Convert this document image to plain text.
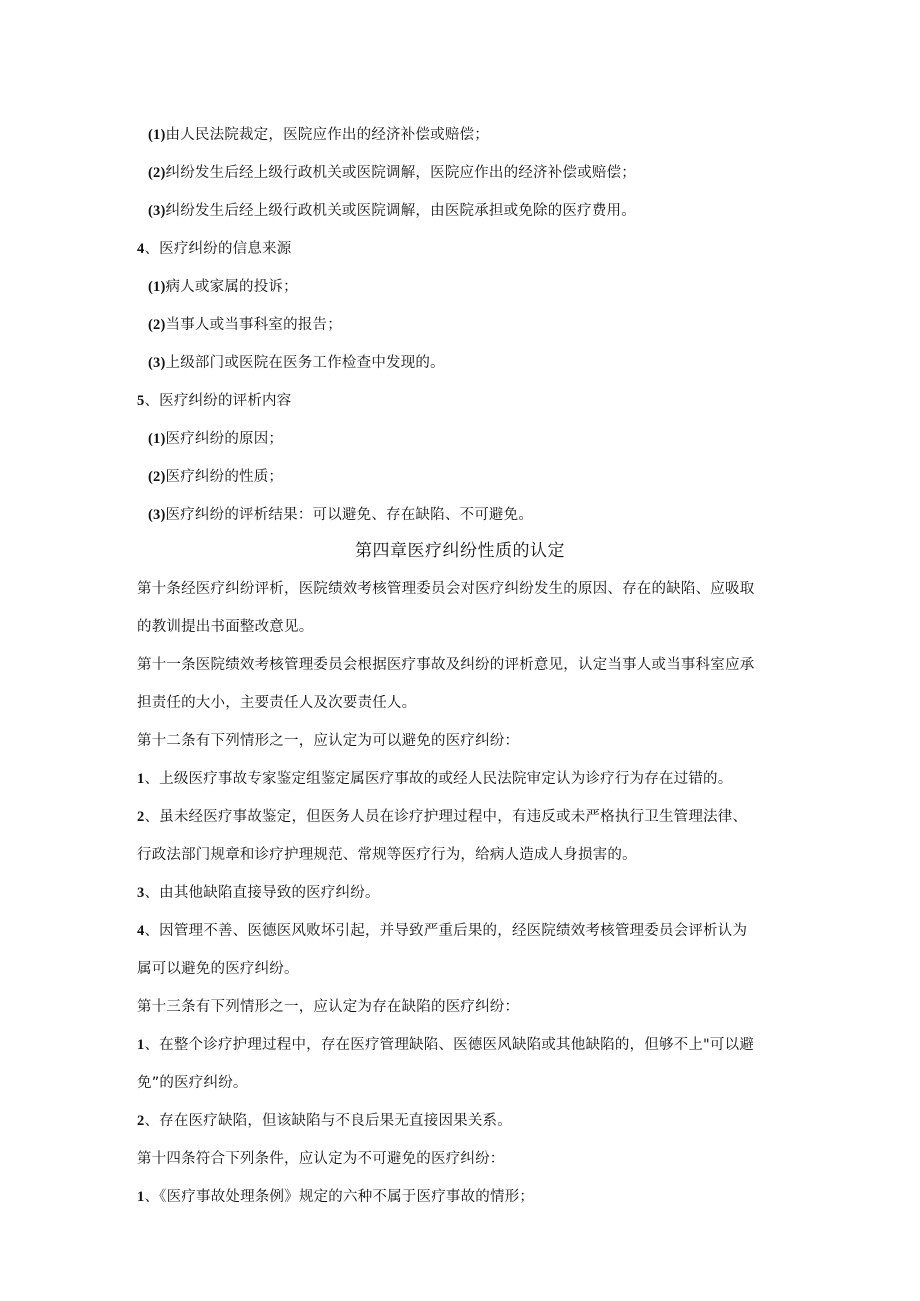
(1)由人民法院裁定，医院应作出的经济补偿或赔偿；
(2)纠纷发生后经上级行政机关或医院调解，医院应作出的经济补偿或赔偿；
(3)纠纷发生后经上级行政机关或医院调解，由医院承担或免除的医疗费用。
4、医疗纠纷的信息来源
(1)病人或家属的投诉；
(2)当事人或当事科室的报告；
(3)上级部门或医院在医务工作检查中发现的。
5、医疗纠纷的评析内容
(1)医疗纠纷的原因；
(2)医疗纠纷的性质；
(3)医疗纠纷的评析结果：可以避免、存在缺陷、不可避免。
第四章医疗纠纷性质的认定
第十条经医疗纠纷评析，医院绩效考核管理委员会对医疗纠纷发生的原因、存在的缺陷、应吸取
的教训提出书面整改意见。
第十一条医院绩效考核管理委员会根据医疗事故及纠纷的评析意见，认定当事人或当事科室应承
担责任的大小，主要责任人及次要责任人。
第十二条有下列情形之一，应认定为可以避免的医疗纠纷：
1、上级医疗事故专家鉴定组鉴定属医疗事故的或经人民法院审定认为诊疗行为存在过错的。
2、虽未经医疗事故鉴定，但医务人员在诊疗护理过程中，有违反或未严格执行卫生管理法律、
行政法部门规章和诊疗护理规范、常规等医疗行为，给病人造成人身损害的。
3、由其他缺陷直接导致的医疗纠纷。
4、因管理不善、医德医风败坏引起，并导致严重后果的，经医院绩效考核管理委员会评析认为
属可以避免的医疗纠纷。
第十三条有下列情形之一，应认定为存在缺陷的医疗纠纷：
1、在整个诊疗护理过程中，存在医疗管理缺陷、医德医风缺陷或其他缺陷的，但够不上"可以避
免”的医疗纠纷。
2、存在医疗缺陷，但该缺陷与不良后果无直接因果关系。
第十四条符合下列条件，应认定为不可避免的医疗纠纷：
1、《医疗事故处理条例》规定的六种不属于医疗事故的情形；
